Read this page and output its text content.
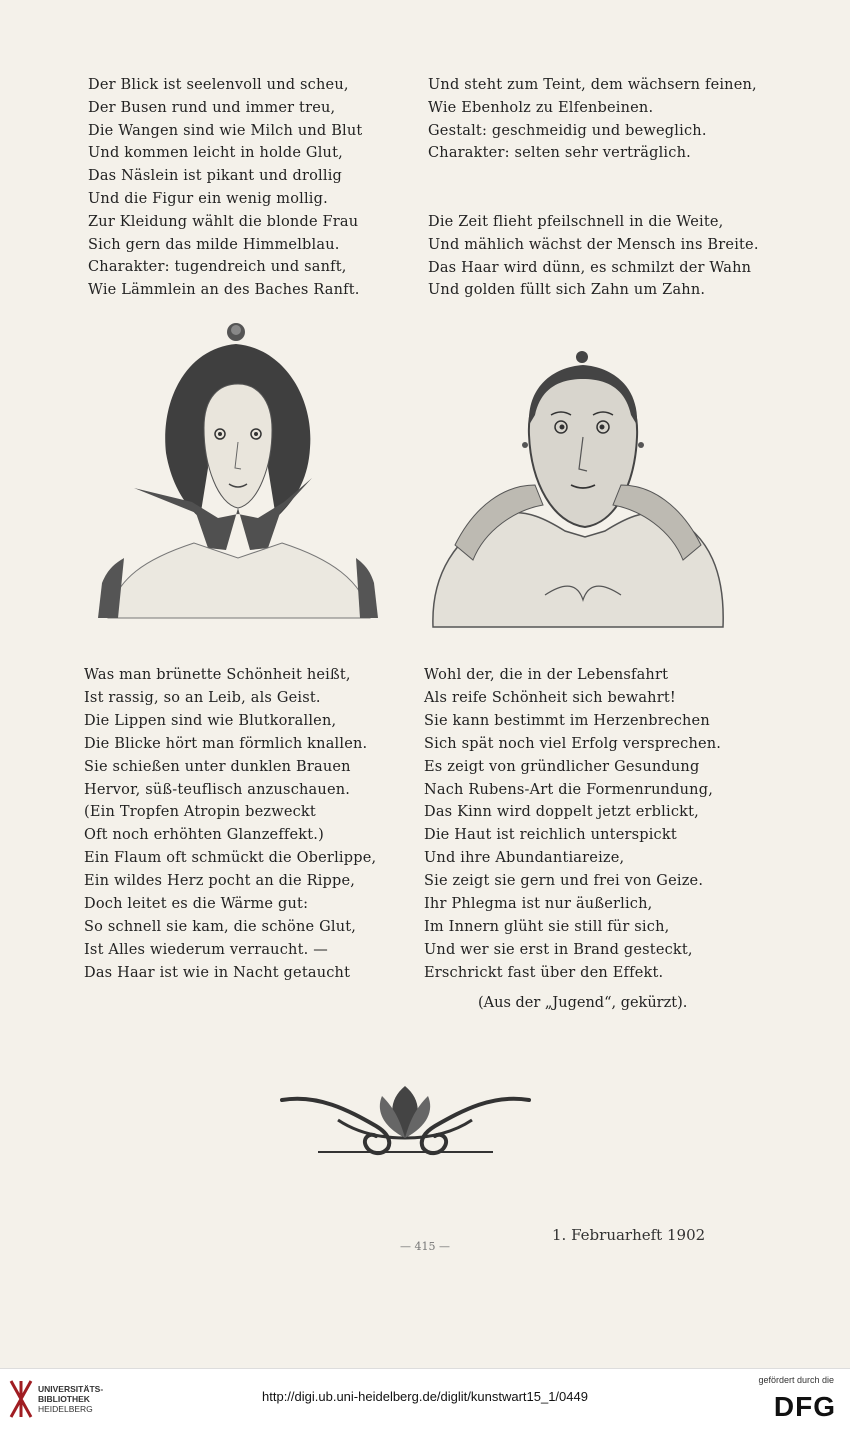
Der Blick ist seelenvoll und scheu,
Der Busen rund und immer treu,
Die Wangen sind wie Milch und Blut
Und kommen leicht in holde Glut,
Das Näslein ist pikant und drollig
Und die Figur ein wenig mollig.
Zur Kleidung wählt die blonde Frau
Sich gern das milde Himmelblau.
Charakter: tugendreich und sanft,
Wie Lämmlein an des Baches Ranft.
Und steht zum Teint, dem wächsern feinen,
Wie Ebenholz zu Elfenbeinen.
Gestalt: geschmeidig und beweglich.
Charakter: selten sehr verträglich.
Die Zeit flieht pfeilschnell in die Weite,
Und mählich wächst der Mensch ins Breite.
Das Haar wird dünn, es schmilzt der Wahn
Und golden füllt sich Zahn um Zahn.
Was man brünette Schönheit heißt,
Ist rassig, so an Leib, als Geist.
Die Lippen sind wie Blutkorallen,
Die Blicke hört man förmlich knallen.
Sie schießen unter dunklen Brauen
Hervor, süß-teuflisch anzuschauen.
(Ein Tropfen Atropin bezweckt
Oft noch erhöhten Glanzeffekt.)
Ein Flaum oft schmückt die Oberlippe,
Ein wildes Herz pocht an die Rippe,
Doch leitet es die Wärme gut:
So schnell sie kam, die schöne Glut,
Ist Alles wiederum verraucht. —
Das Haar ist wie in Nacht getaucht
Wohl der, die in der Lebensfahrt
Als reife Schönheit sich bewahrt!
Sie kann bestimmt im Herzenbrechen
Sich spät noch viel Erfolg versprechen.
Es zeigt von gründlicher Gesundung
Nach Rubens-Art die Formenrundung,
Das Kinn wird doppelt jetzt erblickt,
Die Haut ist reichlich unterspickt
Und ihre Abundantiareize,
Sie zeigt sie gern und frei von Geize.
Ihr Phlegma ist nur äußerlich,
Im Innern glüht sie still für sich,
Und wer sie erst in Brand gesteckt,
Erschrickt fast über den Effekt.
(Aus der „Jugend“, gekürzt).
1. Februarheft 1902
— 415 —
UNIVERSITÄTS-
BIBLIOTHEK
HEIDELBERG
http://digi.ub.uni-heidelberg.de/diglit/kunstwart15_1/0449
gefördert durch die
DFG
